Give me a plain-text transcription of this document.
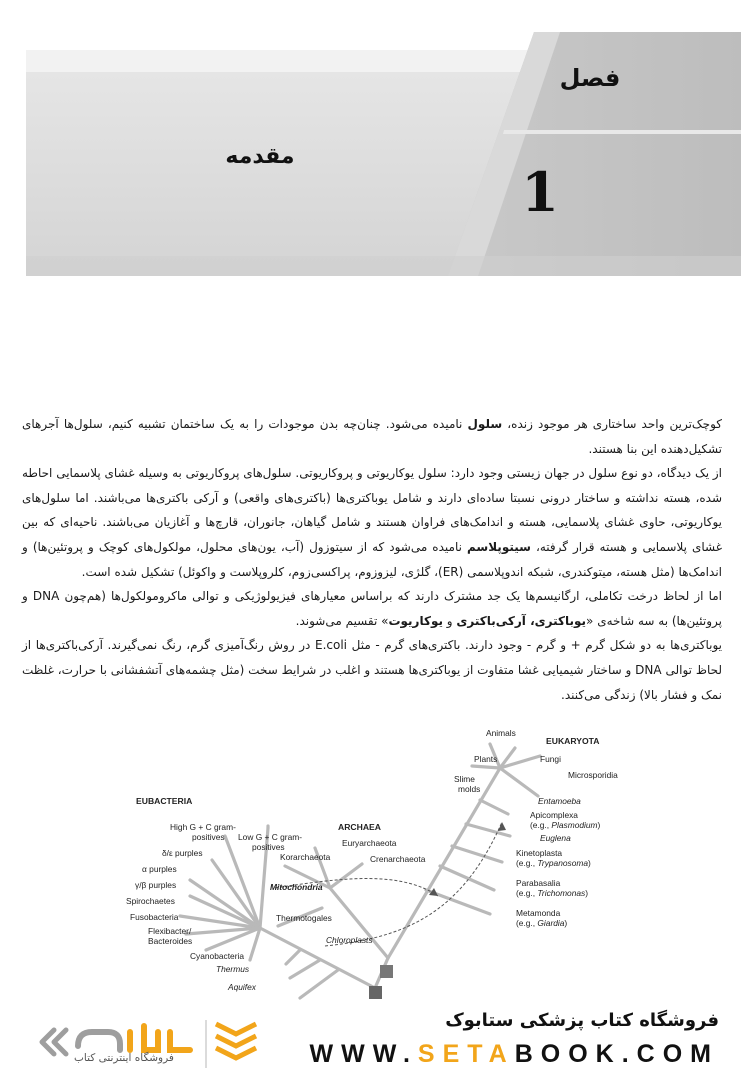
فصل
1
مقدمه

کوچک‌ترین واحد ساختاری هر موجود زنده، سلول نامیده می‌شود. چنان‌چه بدن موجودات را به یک ساختمان تشبیه کنیم، سلول‌ها آجرهای تشکیل‌دهنده این بنا هستند.

از یک دیدگاه، دو نوع سلول در جهان زیستی وجود دارد: سلول یوکاریوتی و پروکاریوتی. سلول‌های پروکاریوتی به وسیله غشای پلاسمایی احاطه شده، هسته نداشته و ساختار درونی نسبتا ساده‌ای دارند و شامل یوباکتری‌ها (باکتری‌های واقعی) و آرکی باکتری‌ها می‌باشند. اما سلول‌های یوکاریوتی، حاوی غشای پلاسمایی، هسته و اندامک‌های فراوان هستند و شامل گیاهان، جانوران، قارچ‌ها و آغازیان می‌باشند. ناحیه‌ای که بین غشای پلاسمایی و هسته قرار گرفته، سیتوپلاسم نامیده می‌شود که از سیتوزول (آب، یون‌های محلول، مولکول‌های کوچک و پروتئین‌ها) و اندامک‌ها (مثل هسته، میتوکندری، شبکه اندوپلاسمی (ER)، گلژی، لیزوزوم، پراکسی‌زوم، کلروپلاست و واکوئل) تشکیل شده است.

اما از لحاظ درخت تکاملی، ارگانیسم‌ها یک جد مشترک دارند که براساس معیارهای فیزیولوژیکی و توالی ماکرومولکول‌ها (هم‌چون DNA و پروتئین‌ها) به سه شاخه‌ی «یوباکتری، آرکی‌باکتری و یوکاریوت» تقسیم می‌شوند.

یوباکتری‌ها به دو شکل گرم + و گرم - وجود دارند. باکتری‌های گرم - مثل E.coli در روش رنگ‌آمیزی گرم، رنگ نمی‌گیرند. آرکی‌باکتری‌ها از لحاظ توالی DNA و ساختار شیمیایی غشا متفاوت از یوباکتری‌ها هستند و اغلب در شرایط سخت (مثل چشمه‌های آتشفشانی با حرارت، غلظت نمک و فشار بالا) زندگی می‌کنند.

EUBACTERIA
Low G + C gram-
positives
High G + C gram-
positives
δ/ε purples
α purples
γ/β purples
Spirochaetes
Fusobacteria
Flexibacter/
Bacteroides
Cyanobacteria
Thermus
Aquifex
Thermotogales
ARCHAEA
Euryarchaeota
Korarchaeota	Crenarchaeota
Mitochondria
Chloroplasts
EUKARYOTA
Animals
Plants	Fungi
Slime
molds
Microsporidia
Entamoeba
Apicomplexa
(e.g., Plasmodium)
Euglena
Kinetoplasta
(e.g., Trypanosoma)
Parabasalia
(e.g., Trichomonas)
Metamonda
(e.g., Giardia)
فروشگاه کتاب پزشکی ستابوک
WWW.SETABOOK.COM
فروشگاه اینترنتی کتاب
